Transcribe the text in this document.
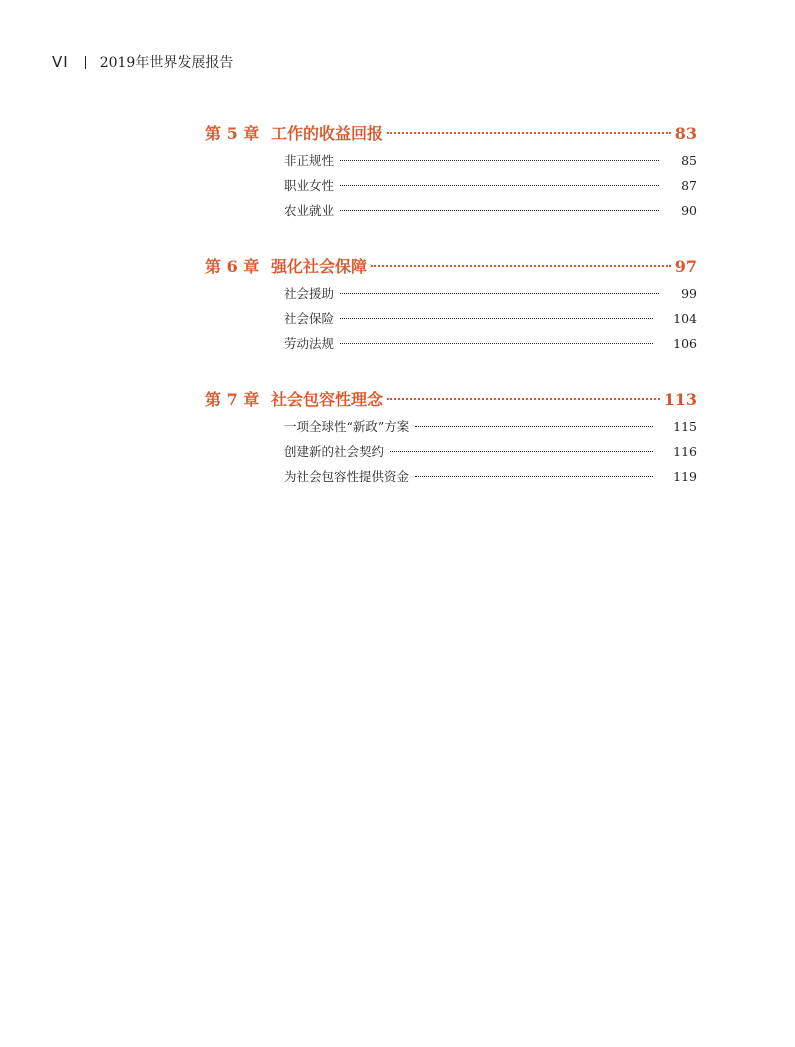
VI 2019年世界发展报告
第 5 章 工作的收益回报	83
非正规性	85
职业女性	87
农业就业	90
第 6 章 强化社会保障	97
社会援助	99
社会保险	104
劳动法规	106
第 7 章 社会包容性理念	113
一项全球性“新政”方案	115
创建新的社会契约	116
为社会包容性提供资金	119
